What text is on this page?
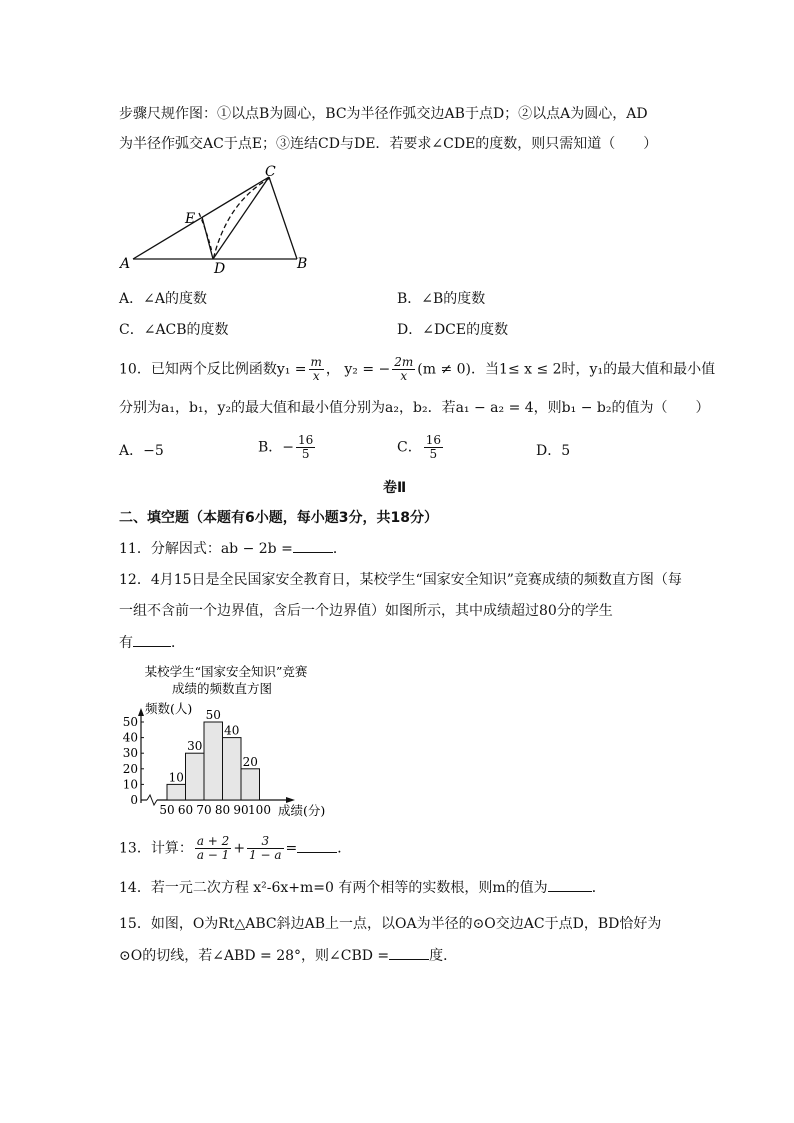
步骤尺规作图：①以点B为圆心，BC为半径作弧交边AB于点D；②以点A为圆心，AD
为半径作弧交AC于点E；③连结CD与DE．若要求∠CDE的度数，则只需知道（　　）
A	B
C
D
E
A．∠A的度数	B．∠B的度数
C．∠ACB的度数	D．∠DCE的度数
10．已知两个反比例函数$y_1 = \frac{m}{x}$ ， y₂ = − $\frac{2m}{x} (m \ne 0)$．当1≤ x ≤ 2时，y₁的最大值和最小值
分别为a₁，b₁，y₂的最大值和最小值分别为a₂，b₂．若a₁ − a₂ = 4，则b₁ − b₂的值为（　　）
A．−5	B．− $\frac{16}{5}$	C． $\frac{16}{5}$	D．5
卷Ⅱ
二、填空题（本题有6小题，每小题3分，共18分）
11．分解因式：ab − 2b =	．
12．4月15日是全民国家安全教育日，某校学生“国家安全知识”竞赛成绩的频数直方图（每
一组不含前一个边界值，含后一个边界值）如图所示，其中成绩超过80分的学生
有	．
某校学生“国家安全知识”竞赛
成绩的频数直方图
频数(人)
成绩(分)
0
10
20
30
40
50
10
30
50
40
20
50 60 70 80 90 100
13．计算： $\frac{a + 2}{a - 1} + \frac{3}{1 - a}$ =	．
14．若一元二次方程 x²-6x+m=0 有两个相等的实数根，则m的值为	．
15．如图，O为Rt△ABC斜边AB上一点，以OA为半径的⊙O交边AC于点D，BD恰好为
⊙O的切线，若∠ABD = 28°，则∠CBD =	度．
